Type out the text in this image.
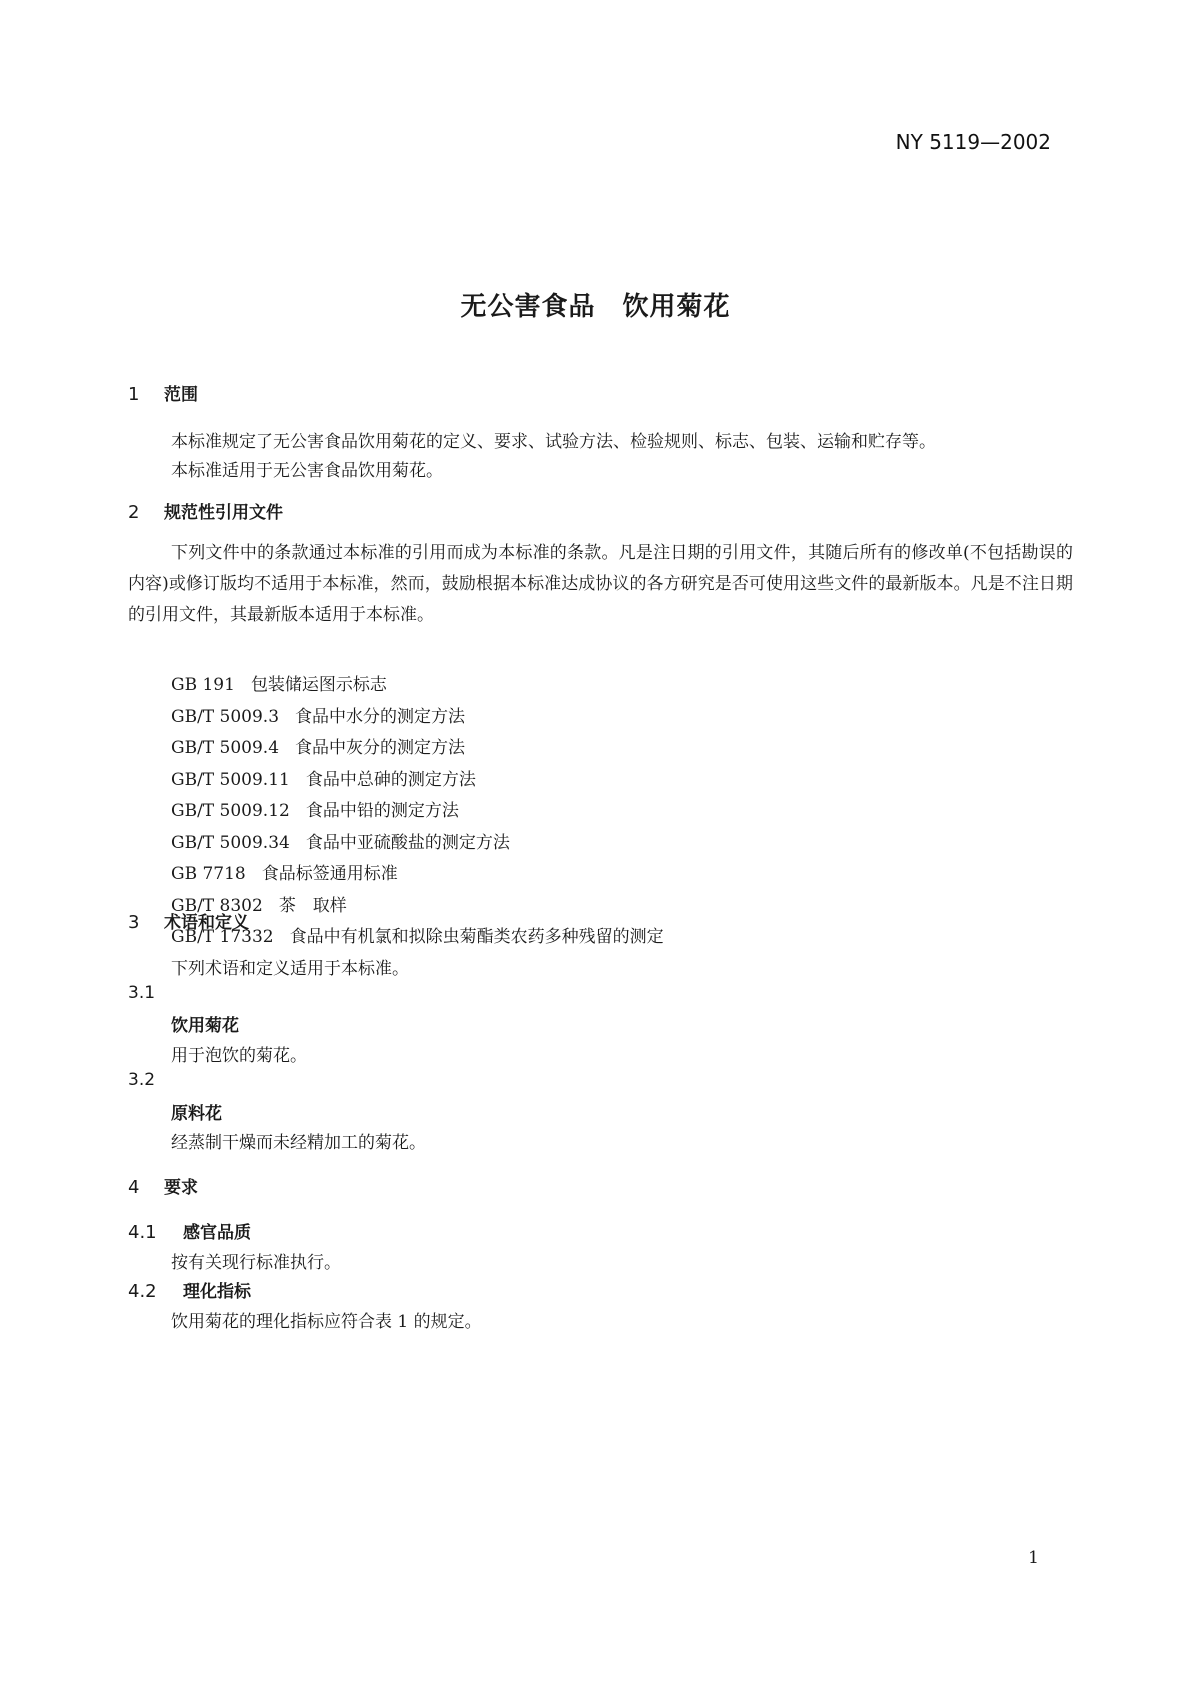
NY 5119—2002
无公害食品　饮用菊花
1 范围
本标准规定了无公害食品饮用菊花的定义、要求、试验方法、检验规则、标志、包装、运输和贮存等。
本标准适用于无公害食品饮用菊花。
2 规范性引用文件
下列文件中的条款通过本标准的引用而成为本标准的条款。凡是注日期的引用文件，其随后所有的修改单(不包括勘误的内容)或修订版均不适用于本标准，然而，鼓励根据本标准达成协议的各方研究是否可使用这些文件的最新版本。凡是不注日期的引用文件，其最新版本适用于本标准。
GB 191 包装储运图示标志
GB/T 5009.3 食品中水分的测定方法
GB/T 5009.4 食品中灰分的测定方法
GB/T 5009.11 食品中总砷的测定方法
GB/T 5009.12 食品中铅的测定方法
GB/T 5009.34 食品中亚硫酸盐的测定方法
GB 7718 食品标签通用标准
GB/T 8302 茶　取样
GB/T 17332 食品中有机氯和拟除虫菊酯类农药多种残留的测定
3 术语和定义
下列术语和定义适用于本标准。
3.1
饮用菊花
用于泡饮的菊花。
3.2
原料花
经蒸制干燥而未经精加工的菊花。
4 要求
4.1 感官品质
按有关现行标准执行。
4.2 理化指标
饮用菊花的理化指标应符合表 1 的规定。
1
